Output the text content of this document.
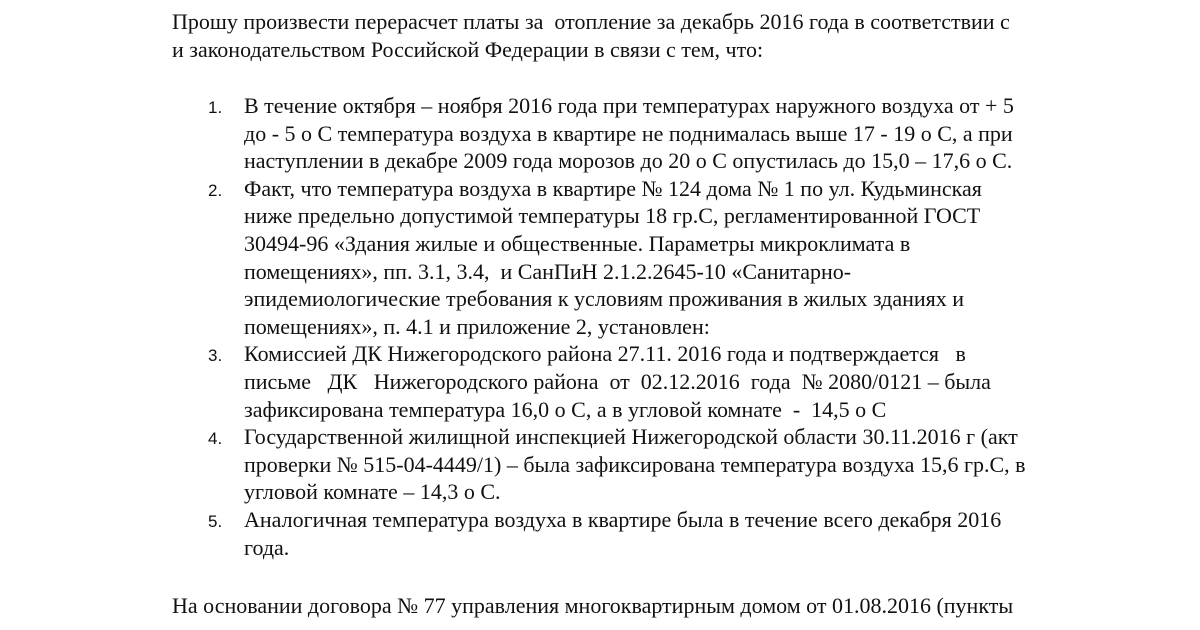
Прошу произвести перерасчет платы за  отопление за декабрь 2016 года в соответствии с
и законодательством Российской Федерации в связи с тем, что:

1. В течение октября – ноября 2016 года при температурах наружного воздуха от + 5
до - 5 о С температура воздуха в квартире не поднималась выше 17 - 19 о С, а при
наступлении в декабре 2009 года морозов до 20 о С опустилась до 15,0 – 17,6 о С.
2. Факт, что температура воздуха в квартире № 124 дома № 1 по ул. Кудьминская
ниже предельно допустимой температуры 18 гр.С, регламентированной ГОСТ
30494-96 «Здания жилые и общественные. Параметры микроклимата в
помещениях», пп. 3.1, 3.4,  и СанПиН 2.1.2.2645-10 «Санитарно-
эпидемиологические требования к условиям проживания в жилых зданиях и
помещениях», п. 4.1 и приложение 2, установлен:
3. Комиссией ДК Нижегородского района 27.11. 2016 года и подтверждается   в
письме   ДК   Нижегородского района  от  02.12.2016  года  № 2080/0121 – была
зафиксирована температура 16,0 о С, а в угловой комнате  -  14,5 о С
4. Государственной жилищной инспекцией Нижегородской области 30.11.2016 г (акт
проверки № 515-04-4449/1) – была зафиксирована температура воздуха 15,6 гр.С, в
угловой комнате – 14,3 о С.
5. Аналогичная температура воздуха в квартире была в течение всего декабря 2016
года.

На основании договора № 77 управления многоквартирным домом от 01.08.2016 (пункты
